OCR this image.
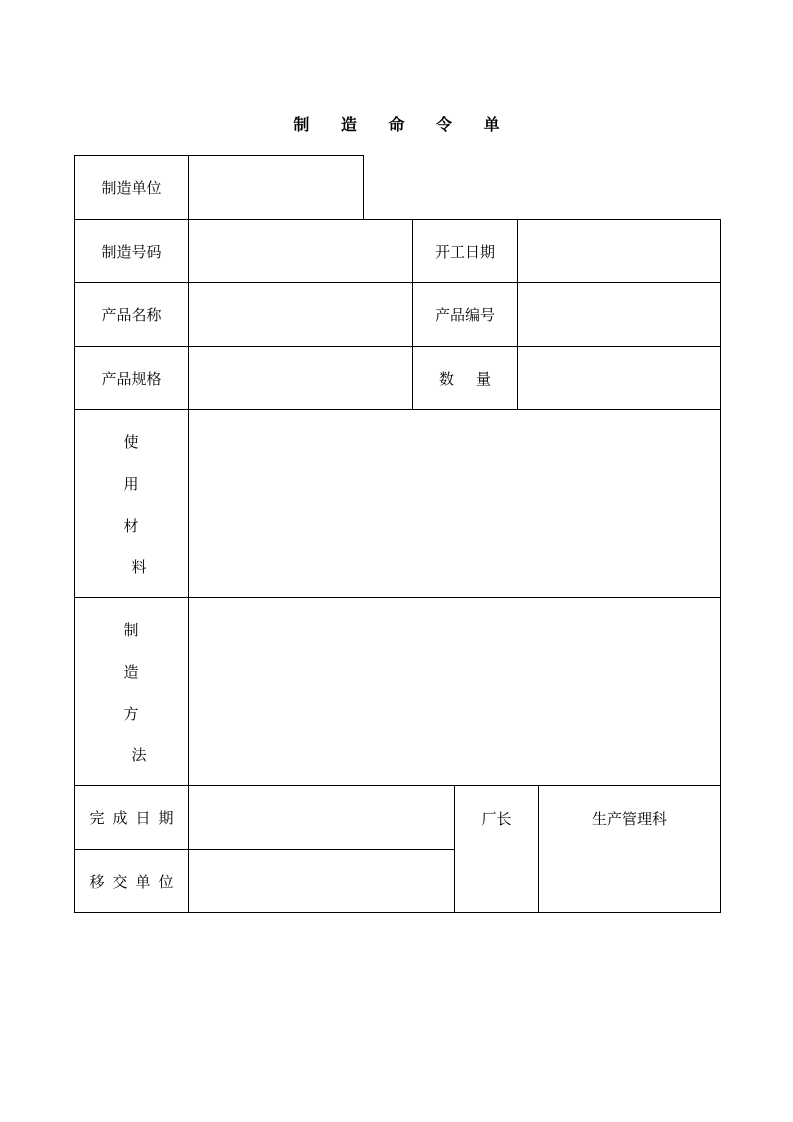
制 造 命 令 单
制造单位
制造号码	开工日期
产品名称	产品编号
产品规格	数量
使
用
材
料
制
造
方
法
完成日期
移交单位
厂长	生产管理科
